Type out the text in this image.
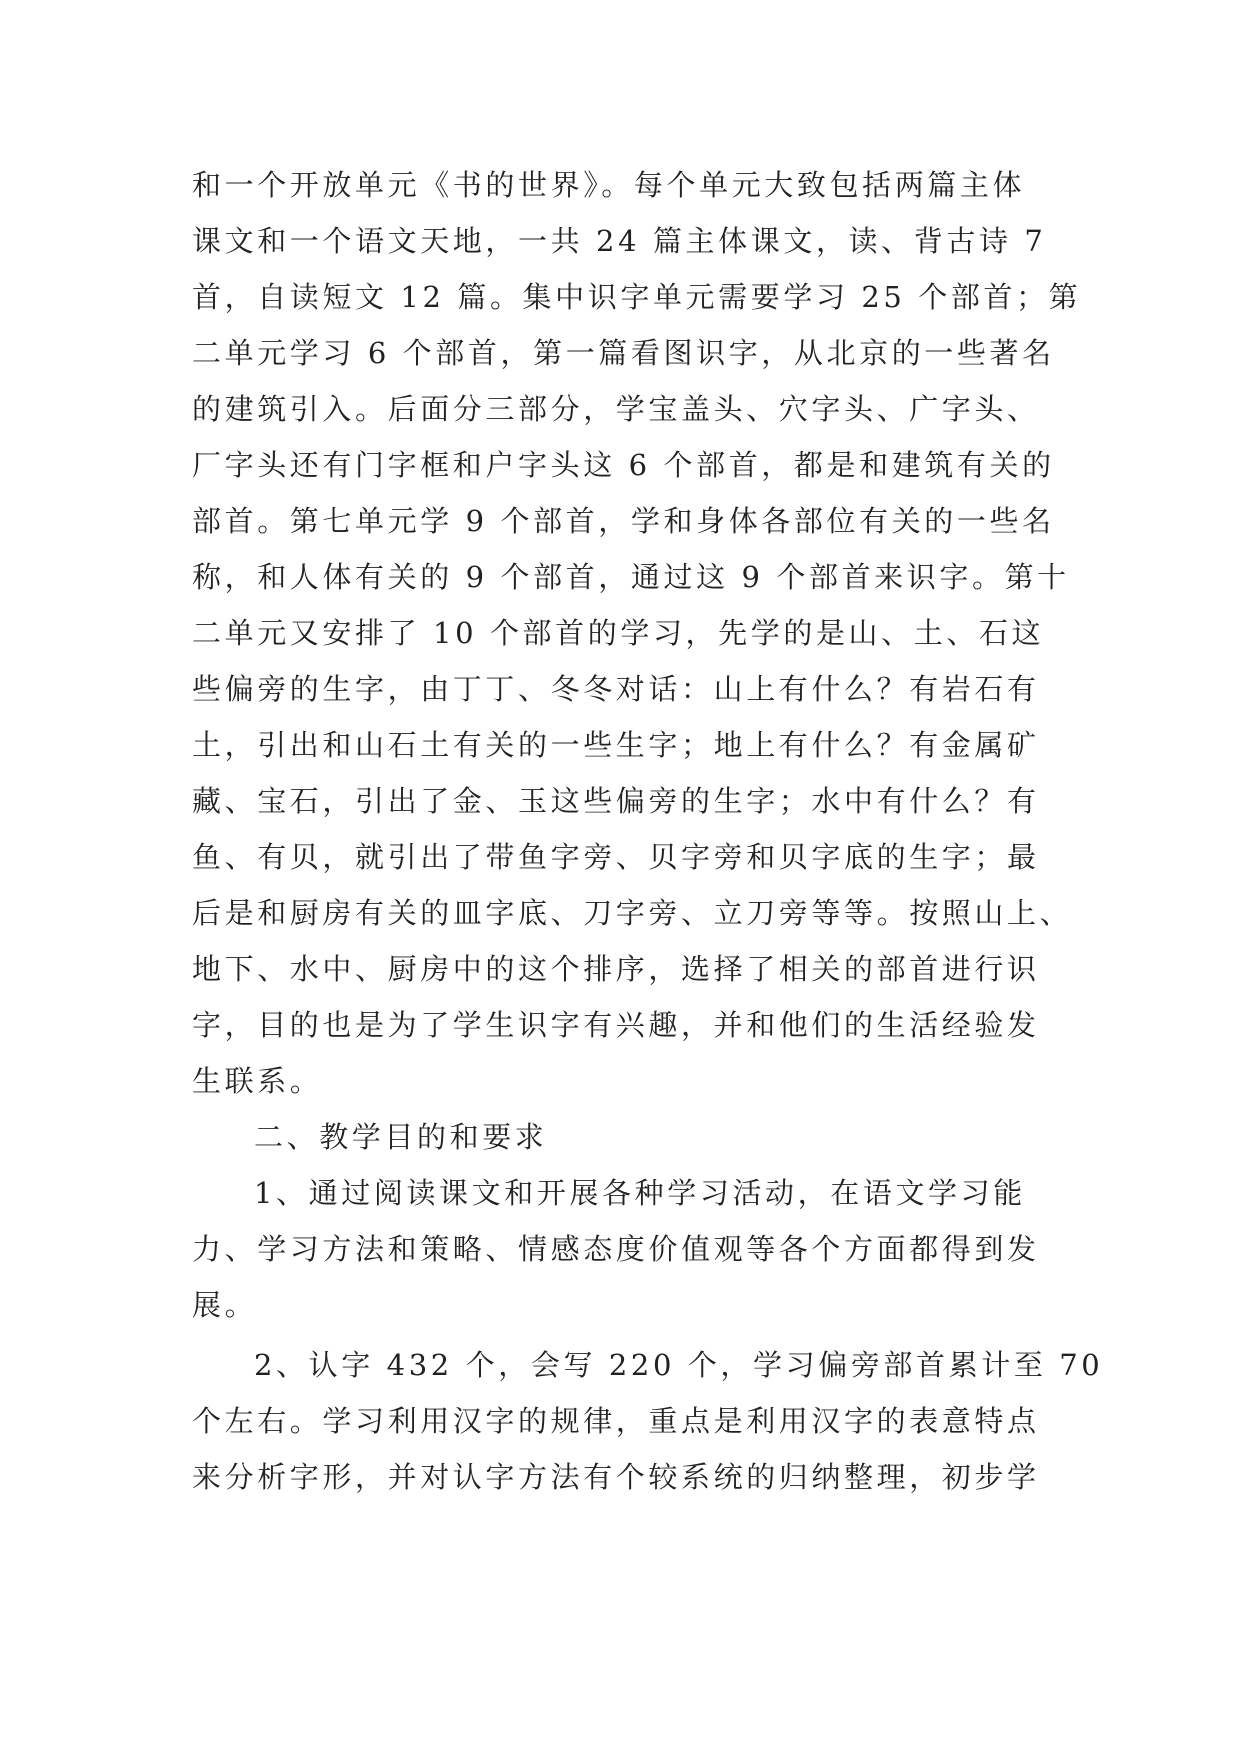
和一个开放单元《书的世界》。每个单元大致包括两篇主体
课文和一个语文天地，一共 24 篇主体课文，读、背古诗 7
首，自读短文 12 篇。集中识字单元需要学习 25 个部首；第
二单元学习 6 个部首，第一篇看图识字，从北京的一些著名
的建筑引入。后面分三部分，学宝盖头、穴字头、广字头、
厂字头还有门字框和户字头这 6 个部首，都是和建筑有关的
部首。第七单元学 9 个部首，学和身体各部位有关的一些名
称，和人体有关的 9 个部首，通过这 9 个部首来识字。第十
二单元又安排了 10 个部首的学习，先学的是山、土、石这
些偏旁的生字，由丁丁、冬冬对话：山上有什么？有岩石有
土，引出和山石土有关的一些生字；地上有什么？有金属矿
藏、宝石，引出了金、玉这些偏旁的生字；水中有什么？有
鱼、有贝，就引出了带鱼字旁、贝字旁和贝字底的生字；最
后是和厨房有关的皿字底、刀字旁、立刀旁等等。按照山上、
地下、水中、厨房中的这个排序，选择了相关的部首进行识
字，目的也是为了学生识字有兴趣，并和他们的生活经验发
生联系。
二、教学目的和要求
1、通过阅读课文和开展各种学习活动，在语文学习能
力、学习方法和策略、情感态度价值观等各个方面都得到发
展。
2、认字 432 个，会写 220 个，学习偏旁部首累计至 70
个左右。学习利用汉字的规律，重点是利用汉字的表意特点
来分析字形，并对认字方法有个较系统的归纳整理，初步学
